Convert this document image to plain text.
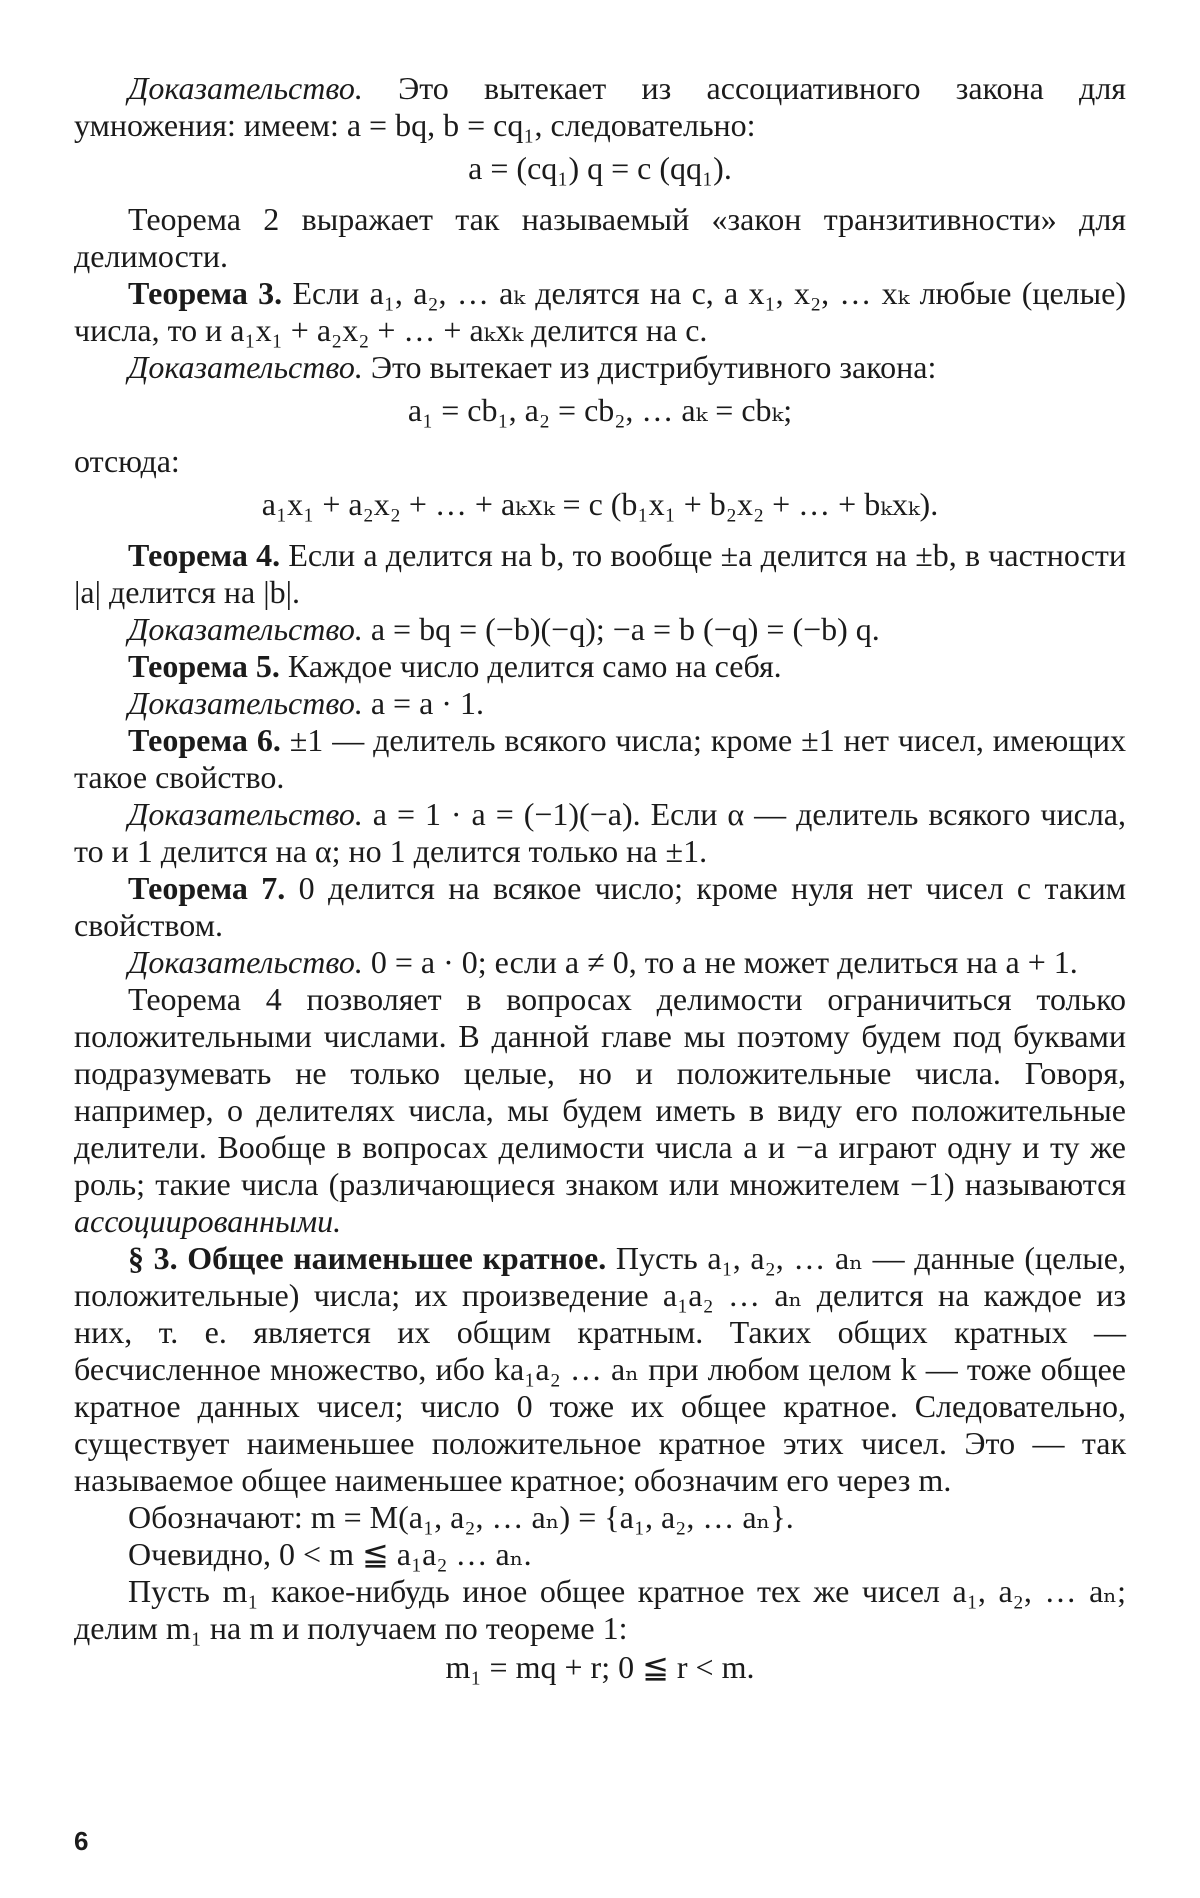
Доказательство. Это вытекает из ассоциативного закона для умножения: имеем: a = bq, b = cq₁, следовательно:

a = (cq₁) q = c (qq₁).

Теорема 2 выражает так называемый «закон транзитивности» для делимости.

Теорема 3. Если a₁, a₂, … aₖ делятся на c, а x₁, x₂, … xₖ любые (целые) числа, то и a₁x₁ + a₂x₂ + … + aₖxₖ делится на c.

Доказательство. Это вытекает из дистрибутивного закона:

a₁ = cb₁, a₂ = cb₂, … aₖ = cbₖ;

отсюда:

a₁x₁ + a₂x₂ + … + aₖxₖ = c (b₁x₁ + b₂x₂ + … + bₖxₖ).

Теорема 4. Если a делится на b, то вообще ±a делится на ±b, в частности |a| делится на |b|.

Доказательство. a = bq = (−b)(−q); −a = b (−q) = (−b) q.

Теорема 5. Каждое число делится само на себя.

Доказательство. a = a · 1.

Теорема 6. ±1 — делитель всякого числа; кроме ±1 нет чисел, имеющих такое свойство.

Доказательство. a = 1 · a = (−1)(−a). Если α — делитель всякого числа, то и 1 делится на α; но 1 делится только на ±1.

Теорема 7. 0 делится на всякое число; кроме нуля нет чисел с таким свойством.

Доказательство. 0 = a · 0; если a ≠ 0, то a не может делиться на a + 1.

Теорема 4 позволяет в вопросах делимости ограничиться только положительными числами. В данной главе мы поэтому будем под буквами подразумевать не только целые, но и положительные числа. Говоря, например, о делителях числа, мы будем иметь в виду его положительные делители. Вообще в вопросах делимости числа a и −a играют одну и ту же роль; такие числа (различающиеся знаком или множителем −1) называются ассоциированными.

§ 3. Общее наименьшее кратное. Пусть a₁, a₂, … aₙ — данные (целые, положительные) числа; их произведение a₁a₂ … aₙ делится на каждое из них, т. е. является их общим кратным. Таких общих кратных — бесчисленное множество, ибо ka₁a₂ … aₙ при любом целом k — тоже общее кратное данных чисел; число 0 тоже их общее кратное. Следовательно, существует наименьшее положительное кратное этих чисел. Это — так называемое общее наименьшее кратное; обозначим его через m.

Обозначают: m = M(a₁, a₂, … aₙ) = {a₁, a₂, … aₙ}.

Очевидно, 0 < m ≦ a₁a₂ … aₙ.

Пусть m₁ какое-нибудь иное общее кратное тех же чисел a₁, a₂, … aₙ; делим m₁ на m и получаем по теореме 1:

m₁ = mq + r; 0 ≦ r < m.
6
